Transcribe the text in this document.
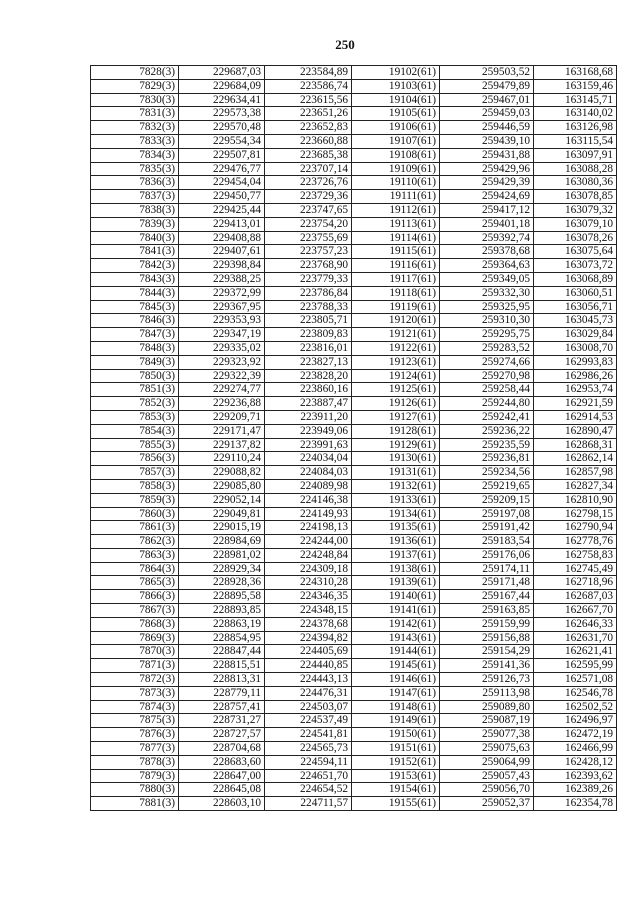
250
7828(3)	229687,03	223584,89	19102(61)	259503,52	163168,68
7829(3)	229684,09	223586,74	19103(61)	259479,89	163159,46
7830(3)	229634,41	223615,56	19104(61)	259467,01	163145,71
7831(3)	229573,38	223651,26	19105(61)	259459,03	163140,02
7832(3)	229570,48	223652,83	19106(61)	259446,59	163126,98
7833(3)	229554,34	223660,88	19107(61)	259439,10	163115,54
7834(3)	229507,81	223685,38	19108(61)	259431,88	163097,91
7835(3)	229476,77	223707,14	19109(61)	259429,96	163088,28
7836(3)	229454,04	223726,76	19110(61)	259429,39	163080,36
7837(3)	229450,77	223729,36	19111(61)	259424,69	163078,85
7838(3)	229425,44	223747,65	19112(61)	259417,12	163079,32
7839(3)	229413,01	223754,20	19113(61)	259401,18	163079,10
7840(3)	229408,88	223755,69	19114(61)	259392,74	163078,26
7841(3)	229407,61	223757,23	19115(61)	259378,68	163075,64
7842(3)	229398,84	223768,90	19116(61)	259364,63	163073,72
7843(3)	229388,25	223779,33	19117(61)	259349,05	163068,89
7844(3)	229372,99	223786,84	19118(61)	259332,30	163060,51
7845(3)	229367,95	223788,33	19119(61)	259325,95	163056,71
7846(3)	229353,93	223805,71	19120(61)	259310,30	163045,73
7847(3)	229347,19	223809,83	19121(61)	259295,75	163029,84
7848(3)	229335,02	223816,01	19122(61)	259283,52	163008,70
7849(3)	229323,92	223827,13	19123(61)	259274,66	162993,83
7850(3)	229322,39	223828,20	19124(61)	259270,98	162986,26
7851(3)	229274,77	223860,16	19125(61)	259258,44	162953,74
7852(3)	229236,88	223887,47	19126(61)	259244,80	162921,59
7853(3)	229209,71	223911,20	19127(61)	259242,41	162914,53
7854(3)	229171,47	223949,06	19128(61)	259236,22	162890,47
7855(3)	229137,82	223991,63	19129(61)	259235,59	162868,31
7856(3)	229110,24	224034,04	19130(61)	259236,81	162862,14
7857(3)	229088,82	224084,03	19131(61)	259234,56	162857,98
7858(3)	229085,80	224089,98	19132(61)	259219,65	162827,34
7859(3)	229052,14	224146,38	19133(61)	259209,15	162810,90
7860(3)	229049,81	224149,93	19134(61)	259197,08	162798,15
7861(3)	229015,19	224198,13	19135(61)	259191,42	162790,94
7862(3)	228984,69	224244,00	19136(61)	259183,54	162778,76
7863(3)	228981,02	224248,84	19137(61)	259176,06	162758,83
7864(3)	228929,34	224309,18	19138(61)	259174,11	162745,49
7865(3)	228928,36	224310,28	19139(61)	259171,48	162718,96
7866(3)	228895,58	224346,35	19140(61)	259167,44	162687,03
7867(3)	228893,85	224348,15	19141(61)	259163,85	162667,70
7868(3)	228863,19	224378,68	19142(61)	259159,99	162646,33
7869(3)	228854,95	224394,82	19143(61)	259156,88	162631,70
7870(3)	228847,44	224405,69	19144(61)	259154,29	162621,41
7871(3)	228815,51	224440,85	19145(61)	259141,36	162595,99
7872(3)	228813,31	224443,13	19146(61)	259126,73	162571,08
7873(3)	228779,11	224476,31	19147(61)	259113,98	162546,78
7874(3)	228757,41	224503,07	19148(61)	259089,80	162502,52
7875(3)	228731,27	224537,49	19149(61)	259087,19	162496,97
7876(3)	228727,57	224541,81	19150(61)	259077,38	162472,19
7877(3)	228704,68	224565,73	19151(61)	259075,63	162466,99
7878(3)	228683,60	224594,11	19152(61)	259064,99	162428,12
7879(3)	228647,00	224651,70	19153(61)	259057,43	162393,62
7880(3)	228645,08	224654,52	19154(61)	259056,70	162389,26
7881(3)	228603,10	224711,57	19155(61)	259052,37	162354,78
